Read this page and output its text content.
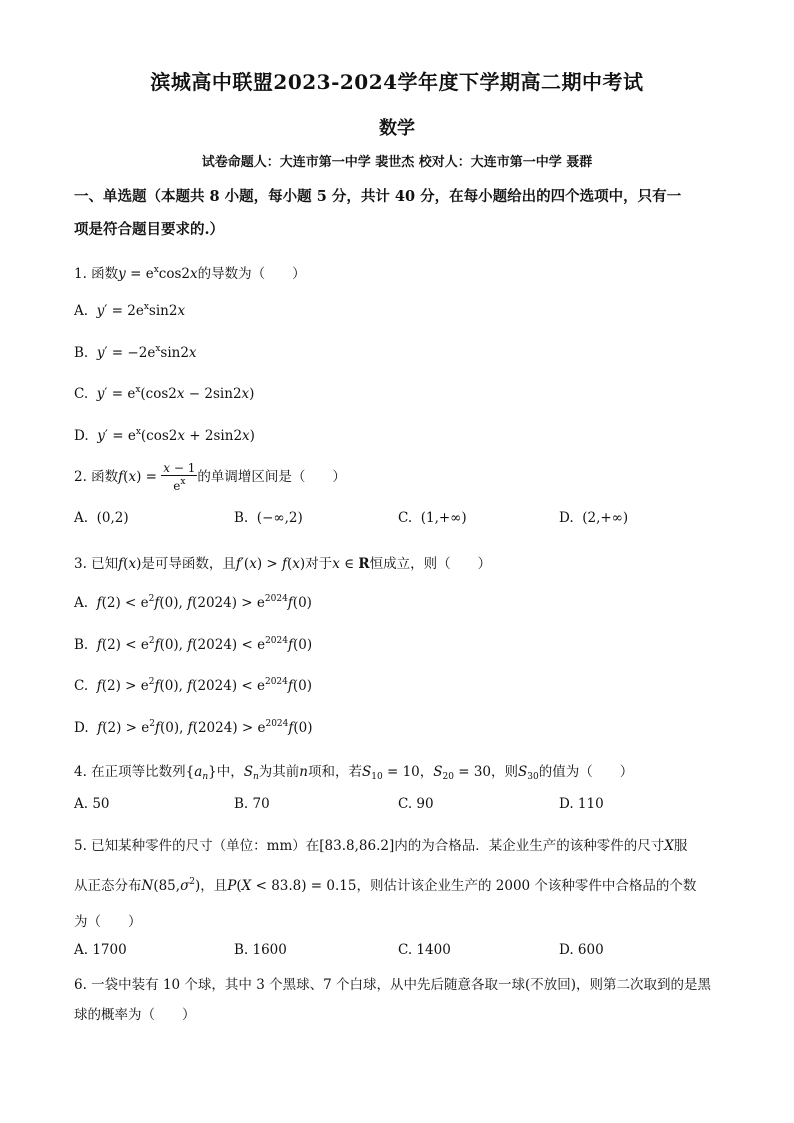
滨城高中联盟2023-2024学年度下学期高二期中考试
数学
试卷命题人：大连市第一中学 裴世杰 校对人：大连市第一中学 聂群
一、单选题（本题共 8 小题，每小题 5 分，共计 40 分，在每小题给出的四个选项中，只有一
项是符合题目要求的.）
1. 函数$y = e^x\cos 2x$的导数为（　　）
A. $y' = 2e^x\sin 2x$
B. $y' = -2e^x\sin 2x$
C. $y' = e^x(\cos 2x - 2\sin 2x)$
D. $y' = e^x(\cos 2x + 2\sin 2x)$
2. 函数$f(x) = \frac{x - 1}{e^x}$ 的单调增区间是（　　）
A.  (0,2)	B.  (−∞,2)	C.  (1,+∞)	D.  (2,+∞)
3. 已知f(x)是可导函数，且f′(x) > f(x)对于x ∈ R恒成立，则（　　）
A. $f(2) < e^2f(0)$, $f(2024) > e^{2024}f(0)$
B. $f(2) < e^2f(0)$, $f(2024) < e^{2024}f(0)$
C. $f(2) > e^2f(0)$, $f(2024) < e^{2024}f(0)$
D. $f(2) > e^2f(0)$, $f(2024) > e^{2024}f(0)$
4. 在正项等比数列$\{a_n\}$中，$S_n$为其前n项和，若$S_{10} = 10$，$S_{20} = 30$，则$S_{30}$的值为（　　）
A. 50	B. 70	C. 90	D. 110
5. 已知某种零件的尺寸（单位：mm）在[83.8,86.2]内的为合格品．某企业生产的该种零件的尺寸X服
从正态分布$N(85,\sigma^2)$，且P(X < 83.8) = 0.15，则估计该企业生产的 2000 个该种零件中合格品的个数
为（　　）
A. 1700	B. 1600	C. 1400	D. 600
6. 一袋中装有 10 个球，其中 3 个黑球、7 个白球，从中先后随意各取一球(不放回)，则第二次取到的是黑
球的概率为（　　）
